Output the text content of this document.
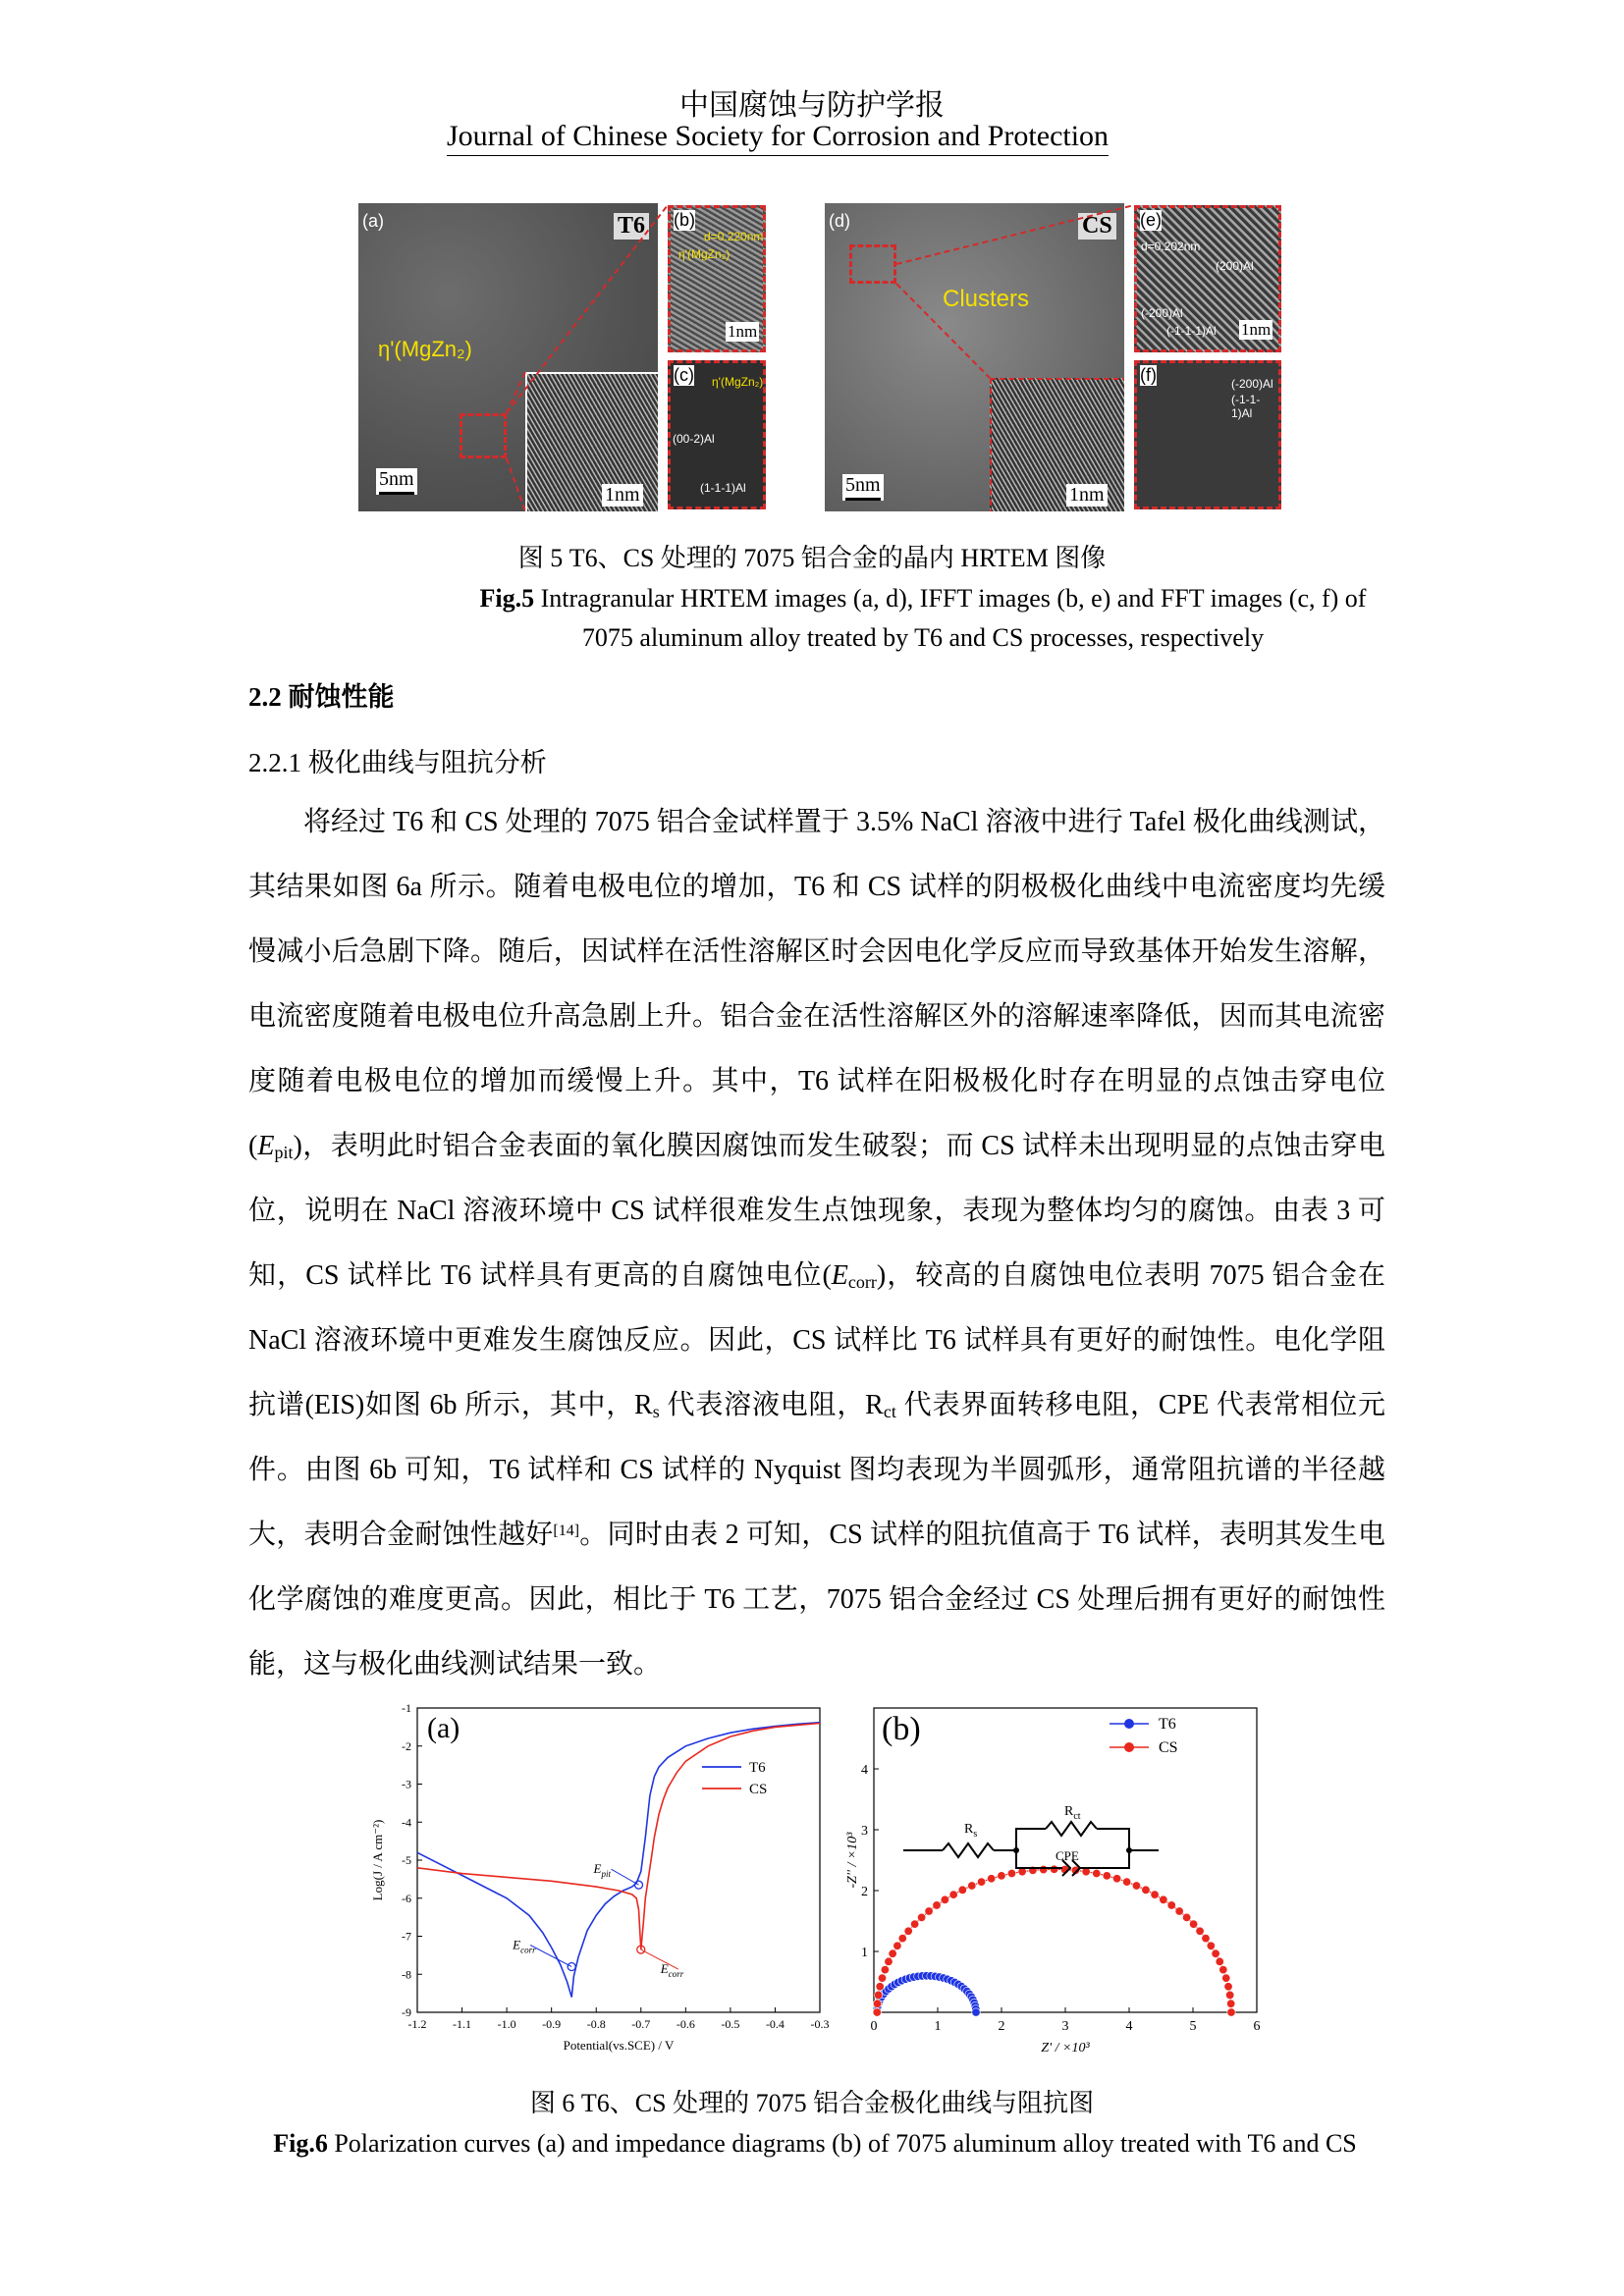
中国腐蚀与防护学报
Journal of Chinese Society for Corrosion and Protection
(a)	T6
η'(MgZn₂)
1nm
5nm
(b)
d=0.220nm
η'(MgZn₂)
1nm
(c) η'(MgZn₂)
(00-2)Al
(1-1-1)Al
(d)	CS
Clusters
1nm
5nm
(e)
d=0.202nm
(200)Al
(-200)Al
(-1-1-1)Al 1nm
(f)	(-200)Al
(-1-1-1)Al
图 5 T6、CS 处理的 7075 铝合金的晶内 HRTEM 图像
Fig.5 Intragranular HRTEM images (a, d), IFFT images (b, e) and FFT images (c, f) of 7075 aluminum alloy treated by T6 and CS processes, respectively
2.2 耐蚀性能
2.2.1 极化曲线与阻抗分析

将经过 T6 和 CS 处理的 7075 铝合金试样置于 3.5% NaCl 溶液中进行 Tafel 极化曲线测试，其结果如图 6a 所示。随着电极电位的增加，T6 和 CS 试样的阴极极化曲线中电流密度均先缓慢减小后急剧下降。随后，因试样在活性溶解区时会因电化学反应而导致基体开始发生溶解，电流密度随着电极电位升高急剧上升。铝合金在活性溶解区外的溶解速率降低，因而其电流密度随着电极电位的增加而缓慢上升。其中，T6 试样在阳极极化时存在明显的点蚀击穿电位$(E_{pit})$，表明此时铝合金表面的氧化膜因腐蚀而发生破裂；而 CS 试样未出现明显的点蚀击穿电位，说明在 NaCl 溶液环境中 CS 试样很难发生点蚀现象，表现为整体均匀的腐蚀。由表 3 可知，CS 试样比 T6 试样具有更高的自腐蚀电位$(E_{corr})$，较高的自腐蚀电位表明 7075 铝合金在 NaCl 溶液环境中更难发生腐蚀反应。因此，CS 试样比 T6 试样具有更好的耐蚀性。电化学阻抗谱(EIS)如图 6b 所示，其中，$R_s$ 代表溶液电阻，$R_{ct}$ 代表界面转移电阻，CPE 代表常相位元件。由图 6b 可知，T6 试样和 CS 试样的 Nyquist 图均表现为半圆弧形，通常阻抗谱的半径越大，表明合金耐蚀性越好[14]。同时由表 2 可知，CS 试样的阻抗值高于 T6 试样，表明其发生电化学腐蚀的难度更高。因此，相比于 T6 工艺，7075 铝合金经过 CS 处理后拥有更好的耐蚀性能，这与极化曲线测试结果一致。

-1.2 -1.1 -1.0 -0.9 -0.8 -0.7 -0.6 -0.5 -0.4 -0.3
-1
-2
-3
-4
-5
-6
-7
-8
-9
Potential(vs.SCE) / V
Log(J / A cm⁻²)
(a)
T6
CS
$E_{pit}$
$E_{corr}$
$E_{corr}$
0	1	2	3	4	5	6
1
2
3
4
Z' / ×10³
-Z'' / ×10³
(b)	T6
CS
$R_s$
$R_{ct}$
CPE
图 6 T6、CS 处理的 7075 铝合金极化曲线与阻抗图
Fig.6 Polarization curves (a) and impedance diagrams (b) of 7075 aluminum alloy treated with T6 and CS
